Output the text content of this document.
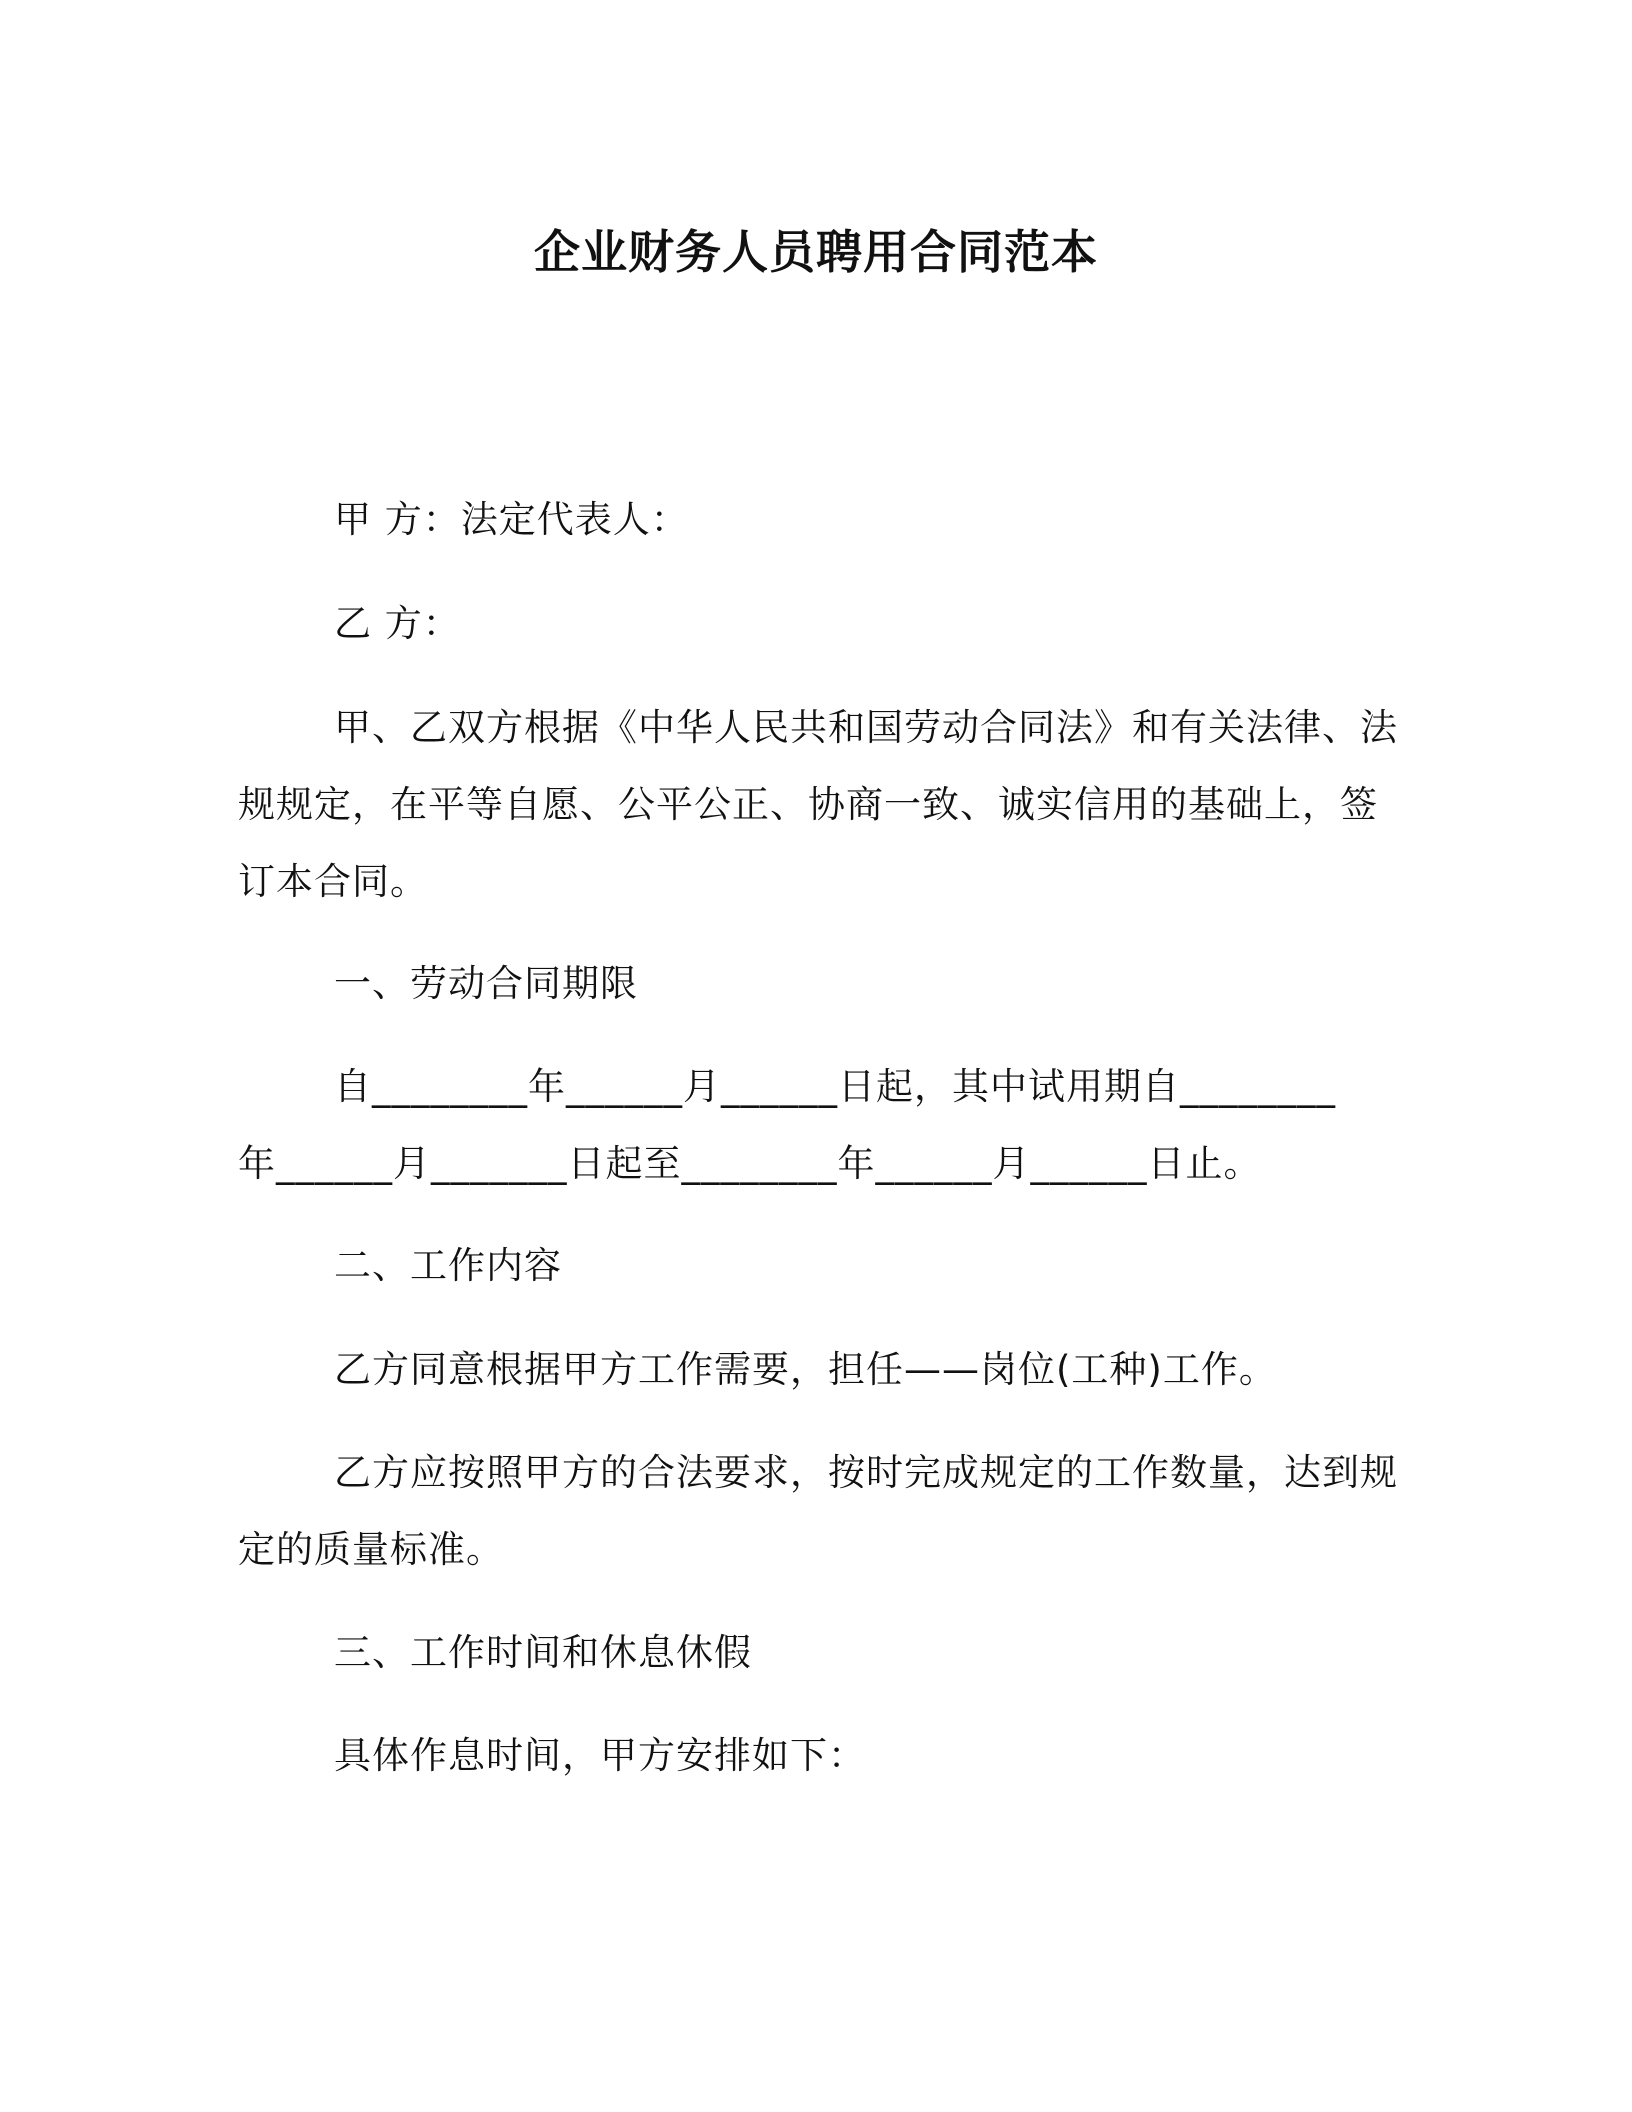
企业财务人员聘用合同范本
甲 方：法定代表人：
乙 方：
甲、乙双方根据《中华人民共和国劳动合同法》和有关法律、法
规规定，在平等自愿、公平公正、协商一致、诚实信用的基础上，签
订本合同。
一、劳动合同期限
自________年______月______日起，其中试用期自________
年______月_______日起至________年______月______日止。
二、工作内容
乙方同意根据甲方工作需要，担任——岗位(工种)工作。
乙方应按照甲方的合法要求，按时完成规定的工作数量，达到规
定的质量标准。
三、工作时间和休息休假
具体作息时间，甲方安排如下：
